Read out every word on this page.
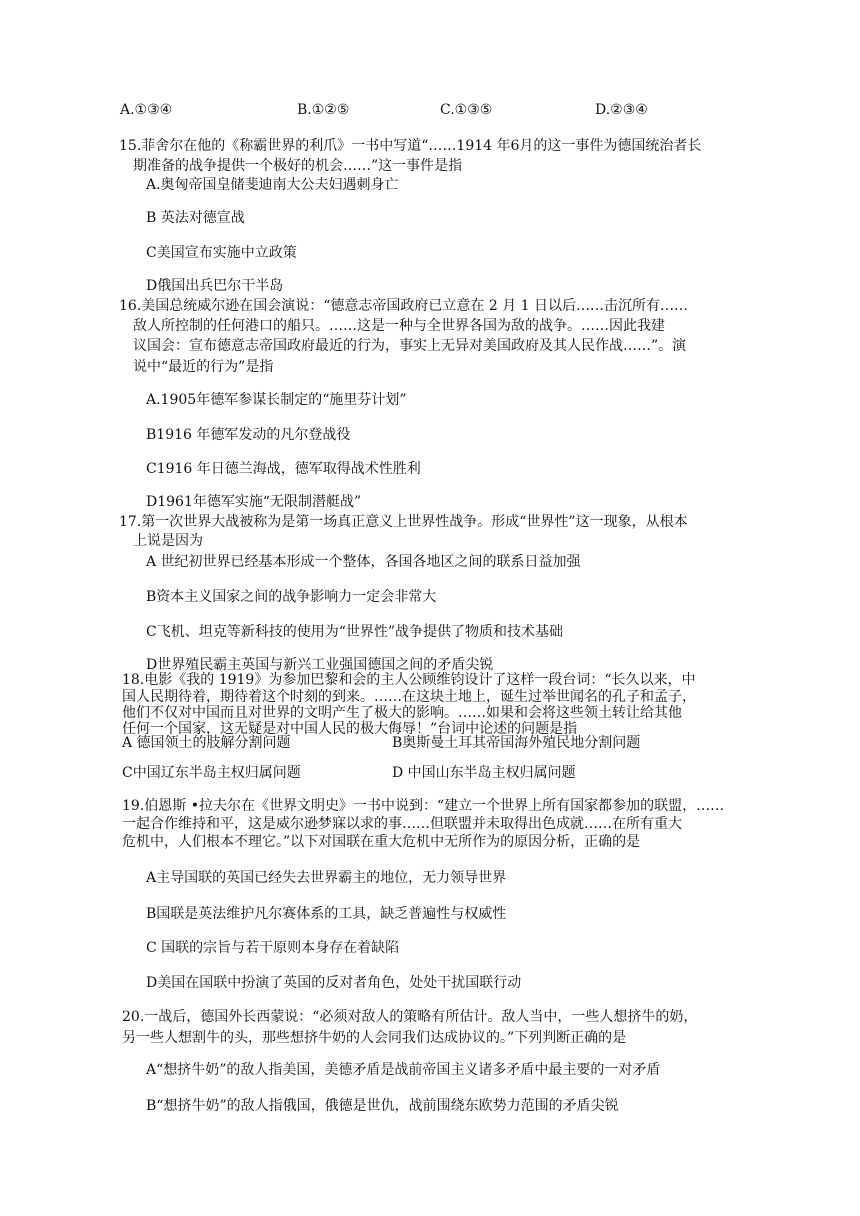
A.①③④	B.①②⑤	C.①③⑤	D.②③④
15.菲舍尔在他的《称霸世界的利爪》一书中写道“……1914 年6月的这一事件为德国统治者长
期准备的战争提供一个极好的机会……”这一事件是指
A.奥匈帝国皇储斐迪南大公夫妇遇刺身亡
B 英法对德宣战
C美国宣布实施中立政策
D俄国出兵巴尔干半岛
16.美国总统威尔逊在国会演说：“德意志帝国政府已立意在 2 月 1 日以后……击沉所有……
敌人所控制的任何港口的船只。……这是一种与全世界各国为敌的战争。……因此我建
议国会：宣布德意志帝国政府最近的行为，事实上无异对美国政府及其人民作战……”。演
说中“最近的行为”是指
A.1905年德军参谋长制定的“施里芬计划”
B1916 年德军发动的凡尔登战役
C1916 年日德兰海战，德军取得战术性胜利
D1961年德军实施“无限制潜艇战”
17.第一次世界大战被称为是第一场真正意义上世界性战争。形成“世界性”这一现象，从根本
上说是因为
A 世纪初世界已经基本形成一个整体，各国各地区之间的联系日益加强
B资本主义国家之间的战争影响力一定会非常大
C飞机、坦克等新科技的使用为“世界性”战争提供了物质和技术基础
D世界殖民霸主英国与新兴工业强国德国之间的矛盾尖锐
18.电影《我的 1919》为参加巴黎和会的主人公顾维钧设计了这样一段台词：“长久以来，中
国人民期待着，期待着这个时刻的到来。……在这块土地上，诞生过举世闻名的孔子和孟子，
他们不仅对中国而且对世界的文明产生了极大的影响。……如果和会将这些领土转让给其他
任何一个国家，这无疑是对中国人民的极大侮辱！”台词中论述的问题是指
A 德国领土的肢解分割问题	B奥斯曼土耳其帝国海外殖民地分割问题
C中国辽东半岛主权归属问题	D 中国山东半岛主权归属问题
19.伯恩斯 •拉夫尔在《世界文明史》一书中说到：“建立一个世界上所有国家都参加的联盟，……
一起合作维持和平，这是威尔逊梦寐以求的事……但联盟并未取得出色成就……在所有重大
危机中，人们根本不理它。”以下对国联在重大危机中无所作为的原因分析，正确的是
A主导国联的英国已经失去世界霸主的地位，无力领导世界
B国联是英法维护凡尔赛体系的工具，缺乏普遍性与权威性
C 国联的宗旨与若干原则本身存在着缺陷
D美国在国联中扮演了英国的反对者角色，处处干扰国联行动
20.一战后，德国外长西蒙说：“必须对敌人的策略有所估计。敌人当中，一些人想挤牛的奶，
另一些人想割牛的头，那些想挤牛奶的人会同我们达成协议的。”下列判断正确的是
A“想挤牛奶”的敌人指美国，美德矛盾是战前帝国主义诸多矛盾中最主要的一对矛盾
B“想挤牛奶”的敌人指俄国，俄德是世仇，战前围绕东欧势力范围的矛盾尖锐
